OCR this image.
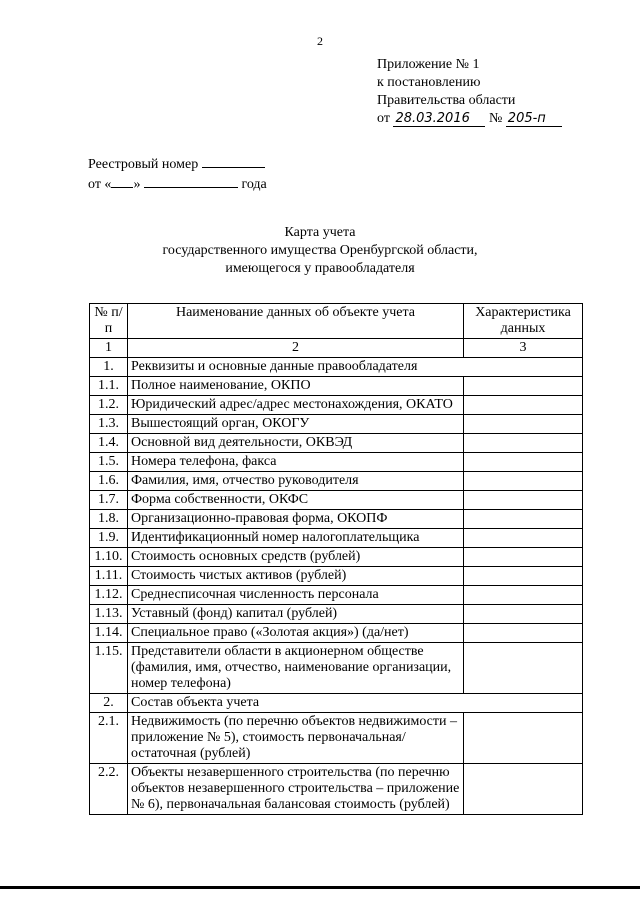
2
Приложение № 1
к постановлению
Правительства области
от 28.03.2016 № 205-п
Реестровый номер
от « »	года
Карта учета
государственного имущества Оренбургской области,
имеющегося у правообладателя
№ п/п	Наименование данных об объекте учета	Характеристика данных
1	2	3
1.	Реквизиты и основные данные правообладателя	
1.1.	Полное наименование, ОКПО	
1.2.	Юридический адрес/адрес местонахождения, ОКАТО	
1.3.	Вышестоящий орган, ОКОГУ	
1.4.	Основной вид деятельности, ОКВЭД	
1.5.	Номера телефона, факса	
1.6.	Фамилия, имя, отчество руководителя	
1.7.	Форма собственности, ОКФС	
1.8.	Организационно-правовая форма, ОКОПФ	
1.9.	Идентификационный номер налогоплательщика	
1.10.	Стоимость основных средств (рублей)	
1.11.	Стоимость чистых активов (рублей)	
1.12.	Среднесписочная численность персонала	
1.13.	Уставный (фонд) капитал (рублей)	
1.14.	Специальное право («Золотая акция») (да/нет)	
1.15.	Представители области в акционерном обществе (фамилия, имя, отчество, наименование организации, номер телефона)	
2.	Состав объекта учета	
2.1.	Недвижимость (по перечню объектов недвижимости – приложение № 5), стоимость первоначальная/остаточная (рублей)	
2.2.	Объекты незавершенного строительства (по перечню объектов незавершенного строительства – приложение № 6), первоначальная балансовая стоимость (рублей)	
